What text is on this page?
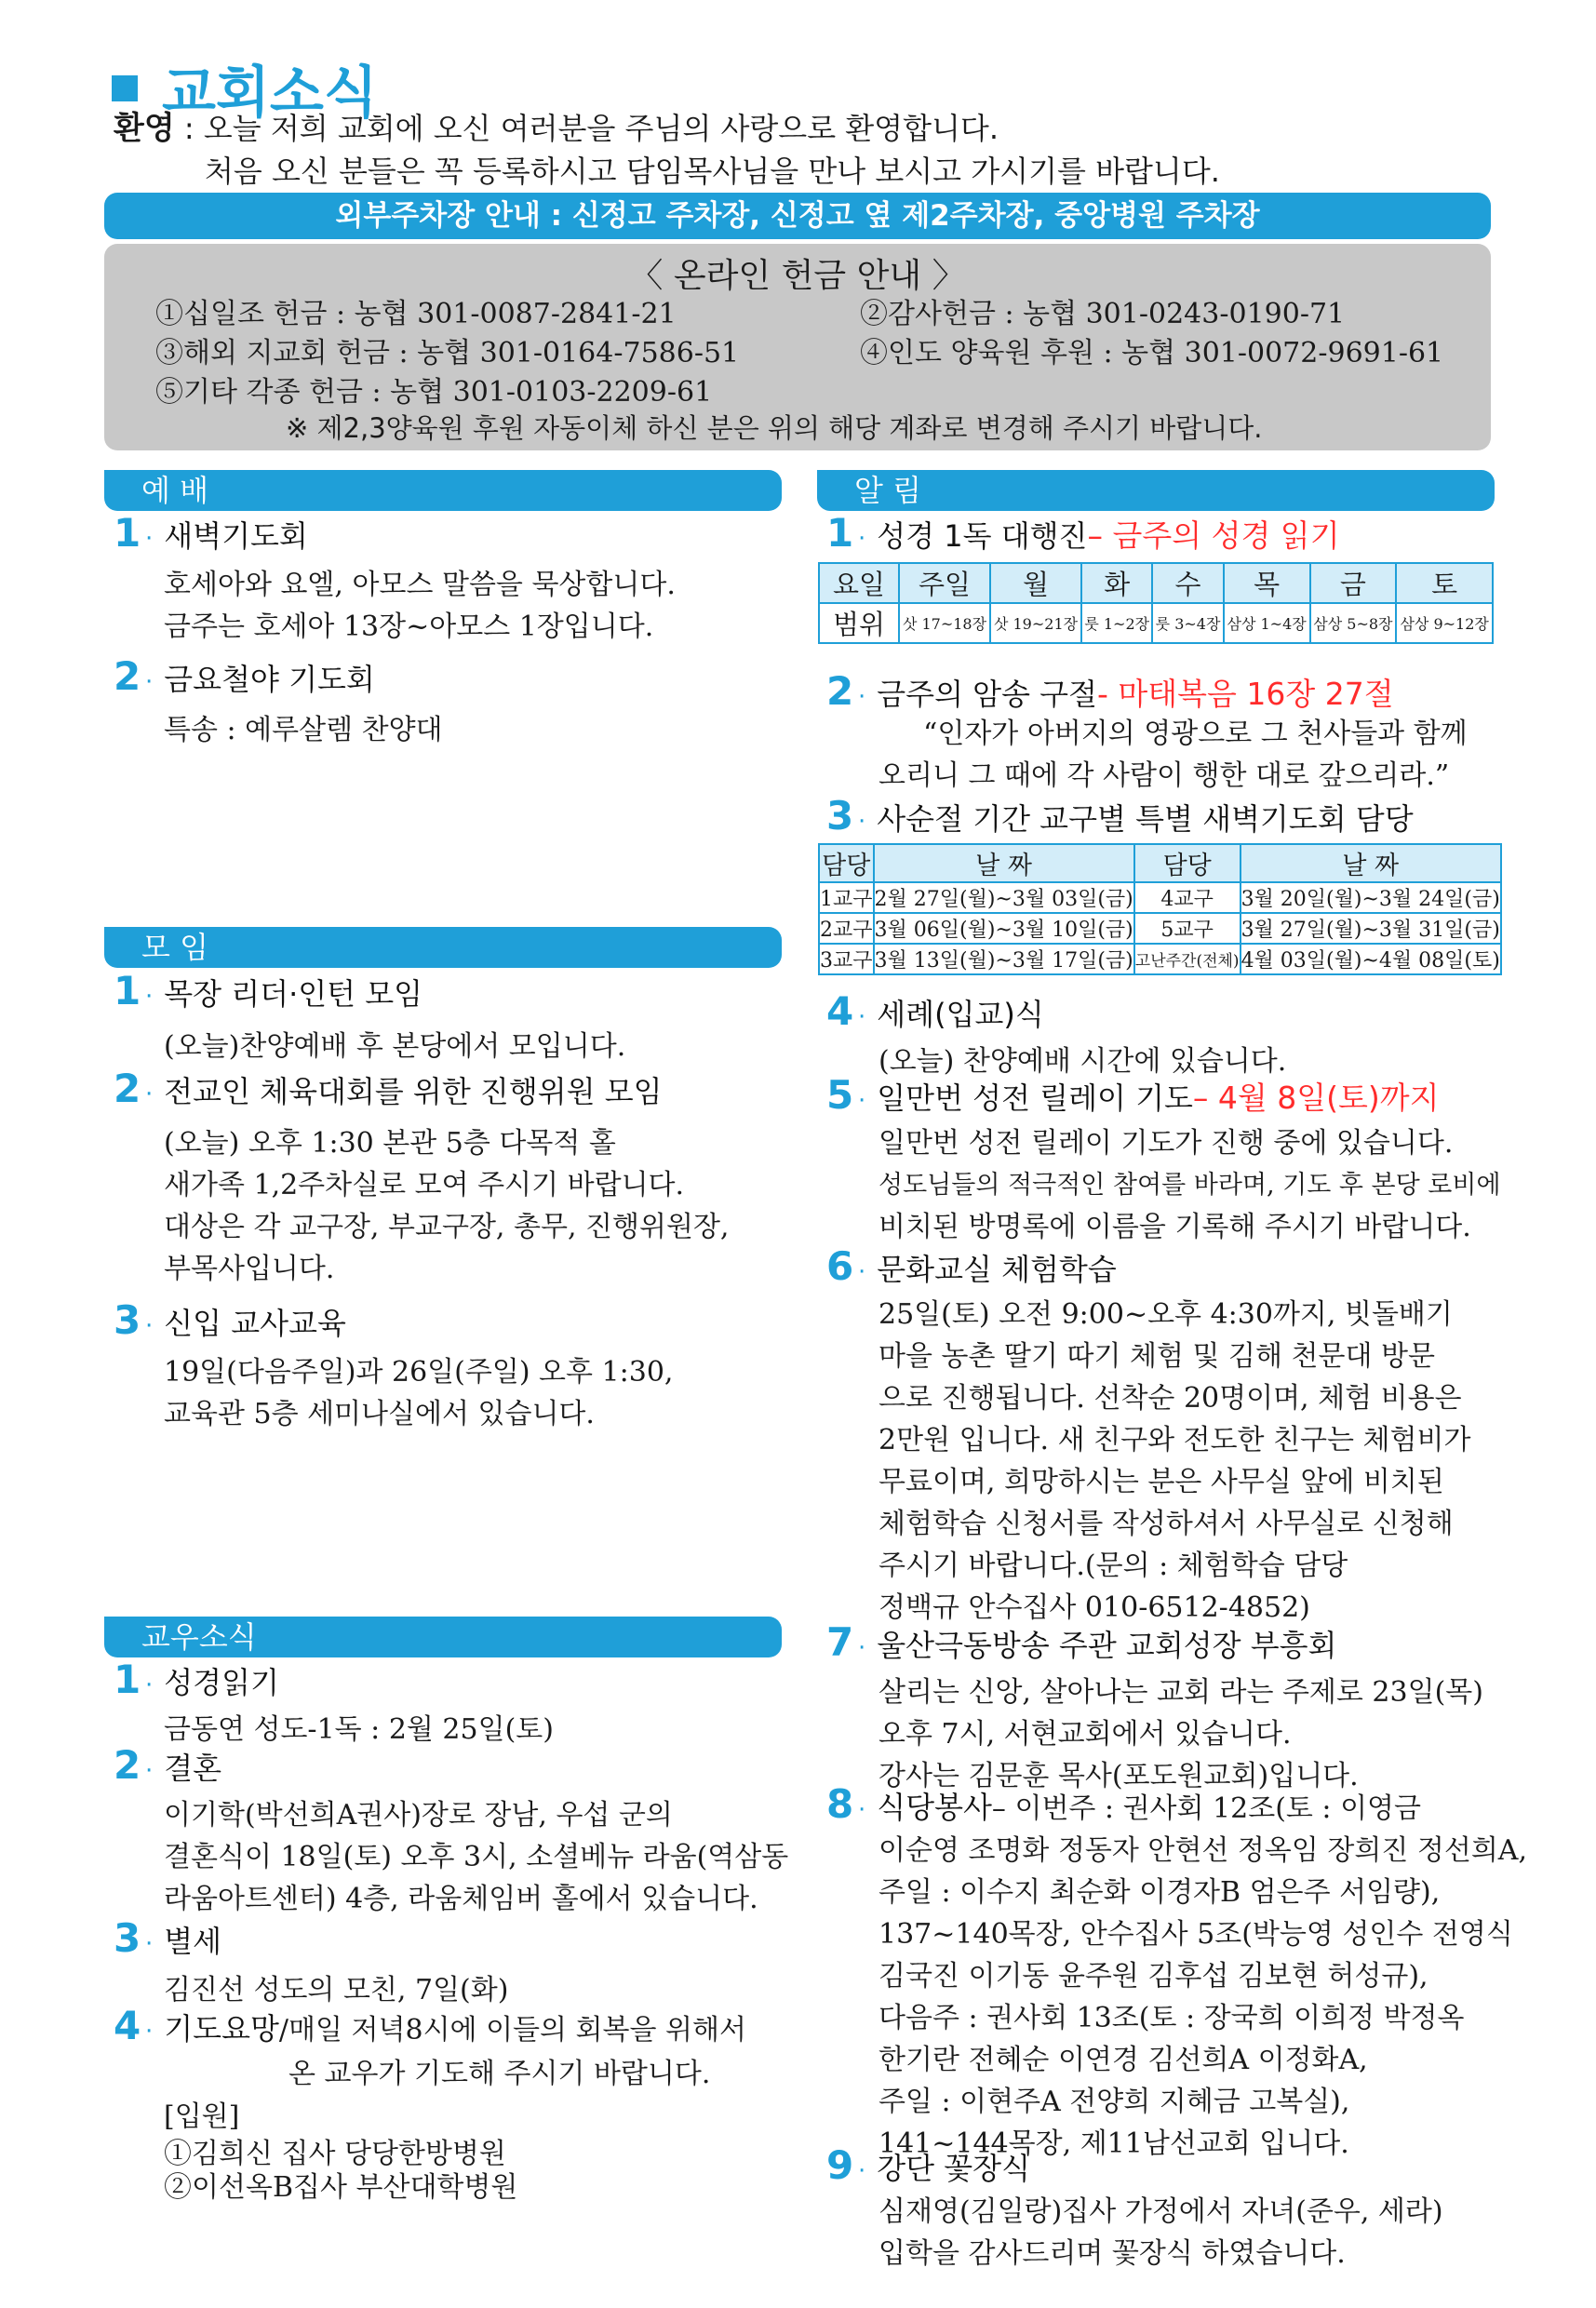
교회소식
환영 : 오늘 저희 교회에 오신 여러분을 주님의 사랑으로 환영합니다.
처음 오신 분들은 꼭 등록하시고 담임목사님을 만나 보시고 가시기를 바랍니다.
외부주차장 안내 : 신정고 주차장, 신정고 옆 제2주차장, 중앙병원 주차장
〈 온라인 헌금 안내 〉
①십일조 헌금 : 농협 301-0087-2841-21	②감사헌금 : 농협 301-0243-0190-71
③해외 지교회 헌금 : 농협 301-0164-7586-51	④인도 양육원 후원 : 농협 301-0072-9691-61
⑤기타 각종 헌금 : 농협 301-0103-2209-61
※ 제2,3양육원 후원 자동이체 하신 분은 위의 해당 계좌로 변경해 주시기 바랍니다.
예 배
1 · 새벽기도회
호세아와 요엘, 아모스 말씀을 묵상합니다.
금주는 호세아 13장~아모스 1장입니다.
2 · 금요철야 기도회
특송 : 예루살렘 찬양대
모 임
1 · 목장 리더·인턴 모임
(오늘)찬양예배 후 본당에서 모입니다.
2 · 전교인 체육대회를 위한 진행위원 모임
(오늘) 오후 1:30 본관 5층 다목적 홀
새가족 1,2주차실로 모여 주시기 바랍니다.
대상은 각 교구장, 부교구장, 총무, 진행위원장,
부목사입니다.
3 · 신입 교사교육
19일(다음주일)과 26일(주일) 오후 1:30,
교육관 5층 세미나실에서 있습니다.
교우소식
1 · 성경읽기
금동연 성도-1독 : 2월 25일(토)
2 · 결혼
이기학(박선희A권사)장로 장남, 우섭 군의
결혼식이 18일(토) 오후 3시, 소셜베뉴 라움(역삼동
라움아트센터) 4층, 라움체임버 홀에서 있습니다.
3 · 별세
김진선 성도의 모친, 7일(화)
4 · 기도요망 /매일 저녁8시에 이들의 회복을 위해서
온 교우가 기도해 주시기 바랍니다.
[입원]
①김희신 집사 당당한방병원
②이선옥B집사 부산대학병원
알 림
1 · 성경 1독 대행진 – 금주의 성경 읽기
요일	주일	월	화	수	목	금	토
범위	삿 17~18장	삿 19~21장	룻 1~2장	룻 3~4장	삼상 1~4장	삼상 5~8장	삼상 9~12장
2 · 금주의 암송 구절 - 마태복음 16장 27절
“인자가 아버지의 영광으로 그 천사들과 함께
오리니 그 때에 각 사람이 행한 대로 갚으리라.”
3 · 사순절 기간 교구별 특별 새벽기도회 담당
담당	날 짜	담당	날 짜
1교구	2월 27일(월)~3월 03일(금)	4교구	3월 20일(월)~3월 24일(금)
2교구	3월 06일(월)~3월 10일(금)	5교구	3월 27일(월)~3월 31일(금)
3교구	3월 13일(월)~3월 17일(금)	고난주간(전체)	4월 03일(월)~4월 08일(토)
4 · 세례(입교)식
(오늘) 찬양예배 시간에 있습니다.
5 · 일만번 성전 릴레이 기도 – 4월 8일(토)까지
일만번 성전 릴레이 기도가 진행 중에 있습니다.
성도님들의 적극적인 참여를 바라며, 기도 후 본당 로비에
비치된 방명록에 이름을 기록해 주시기 바랍니다.
6 · 문화교실 체험학습
25일(토) 오전 9:00~오후 4:30까지, 빗돌배기
마을 농촌 딸기 따기 체험 및 김해 천문대 방문
으로 진행됩니다. 선착순 20명이며, 체험 비용은
2만원 입니다. 새 친구와 전도한 친구는 체험비가
무료이며, 희망하시는 분은 사무실 앞에 비치된
체험학습 신청서를 작성하셔서 사무실로 신청해
주시기 바랍니다.(문의 : 체험학습 담당
정백규 안수집사 010-6512-4852)
7 · 울산극동방송 주관 교회성장 부흥회
살리는 신앙, 살아나는 교회 라는 주제로 23일(목)
오후 7시, 서현교회에서 있습니다.
강사는 김문훈 목사(포도원교회)입니다.
8 · 식당봉사 – 이번주 : 권사회 12조(토 : 이영금
이순영 조명화 정동자 안현선 정옥임 장희진 정선희A,
주일 : 이수지 최순화 이경자B 엄은주 서임량),
137~140목장, 안수집사 5조(박능영 성인수 전영식
김국진 이기동 윤주원 김후섭 김보현 허성규),
다음주 : 권사회 13조(토 : 장국희 이희정 박정옥
한기란 전혜순 이연경 김선희A 이정화A,
주일 : 이현주A 전양희 지혜금 고복실),
141~144목장, 제11남선교회 입니다.
9 · 강단 꽃장식
심재영(김일랑)집사 가정에서 자녀(준우, 세라)
입학을 감사드리며 꽃장식 하였습니다.
